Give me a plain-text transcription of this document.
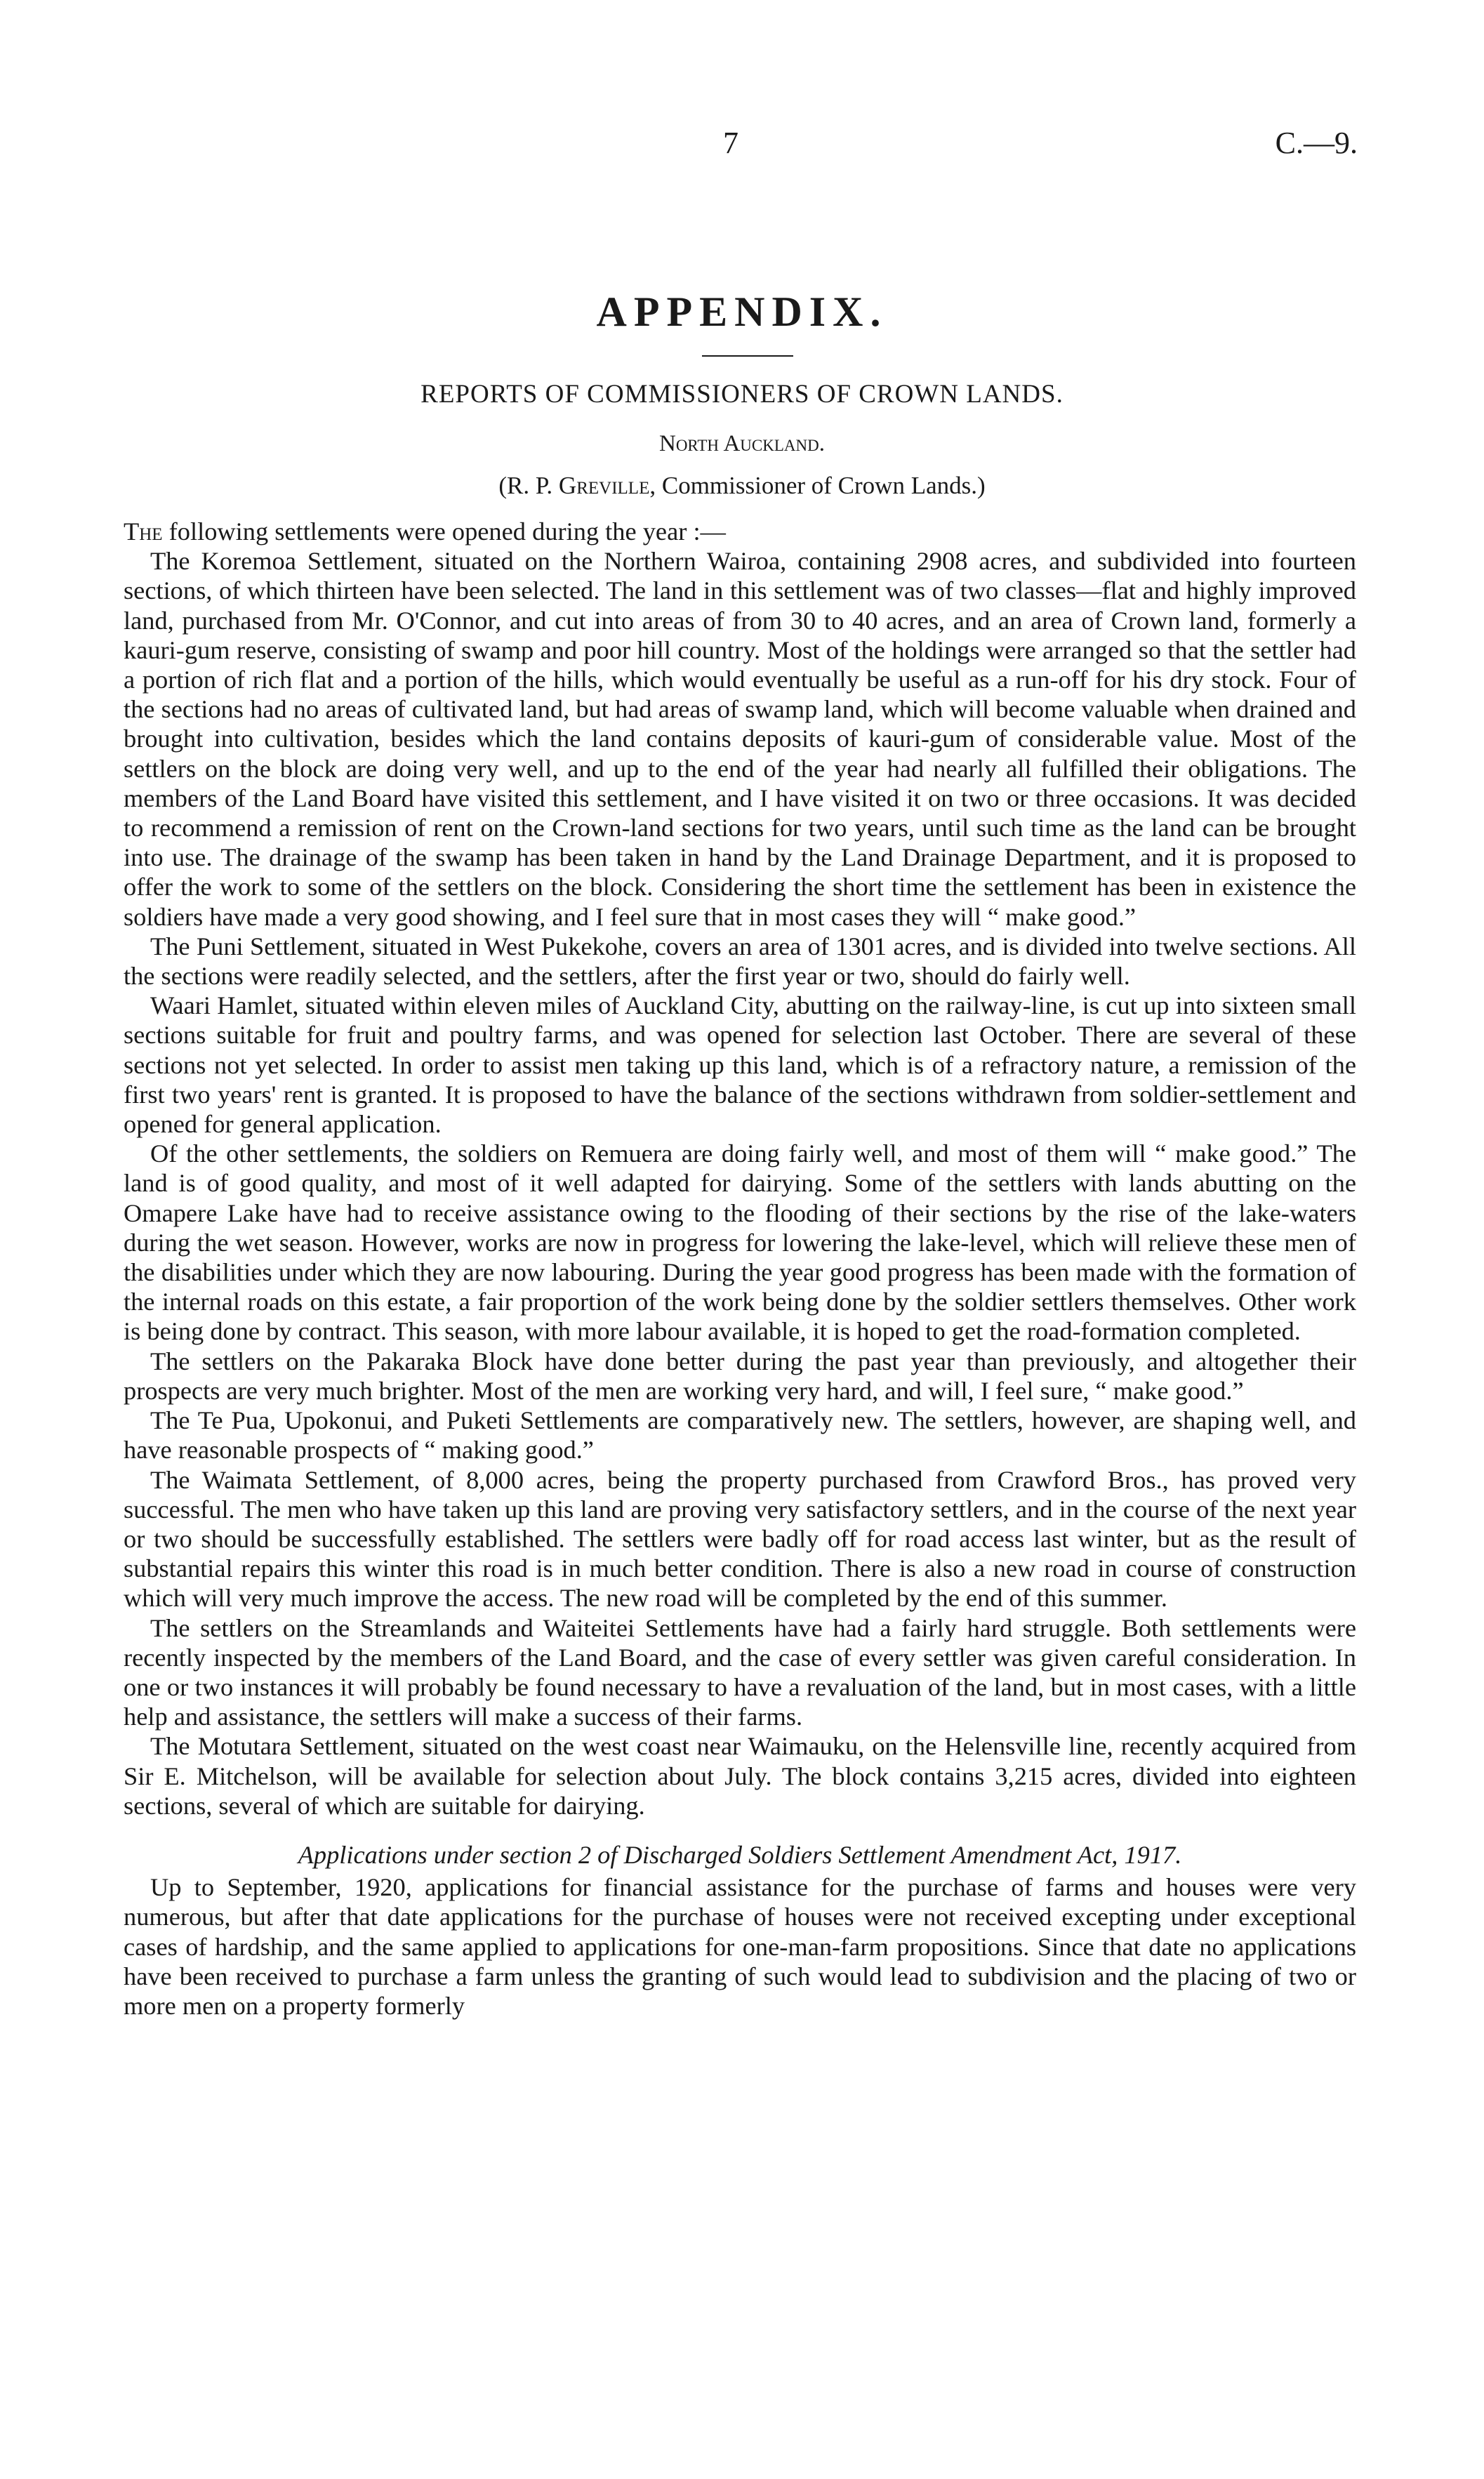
7	C.—9.
APPENDIX.
REPORTS OF COMMISSIONERS OF CROWN LANDS.
North Auckland.
(R. P. Greville, Commissioner of Crown Lands.)

The following settlements were opened during the year :—

The Koremoa Settlement, situated on the Northern Wairoa, containing 2908 acres, and subdivided into fourteen sections, of which thirteen have been selected. The land in this settlement was of two classes—flat and highly improved land, purchased from Mr. O'Connor, and cut into areas of from 30 to 40 acres, and an area of Crown land, formerly a kauri-gum reserve, consisting of swamp and poor hill country. Most of the holdings were arranged so that the settler had a portion of rich flat and a portion of the hills, which would eventually be useful as a run-off for his dry stock. Four of the sections had no areas of cultivated land, but had areas of swamp land, which will become valuable when drained and brought into cultivation, besides which the land contains deposits of kauri-gum of considerable value. Most of the settlers on the block are doing very well, and up to the end of the year had nearly all fulfilled their obligations. The members of the Land Board have visited this settlement, and I have visited it on two or three occasions. It was decided to recommend a remission of rent on the Crown-land sections for two years, until such time as the land can be brought into use. The drainage of the swamp has been taken in hand by the Land Drainage Department, and it is proposed to offer the work to some of the settlers on the block. Considering the short time the settlement has been in existence the soldiers have made a very good showing, and I feel sure that in most cases they will “ make good.”

The Puni Settlement, situated in West Pukekohe, covers an area of 1301 acres, and is divided into twelve sections. All the sections were readily selected, and the settlers, after the first year or two, should do fairly well.

Waari Hamlet, situated within eleven miles of Auckland City, abutting on the railway-line, is cut up into sixteen small sections suitable for fruit and poultry farms, and was opened for selection last October. There are several of these sections not yet selected. In order to assist men taking up this land, which is of a refractory nature, a remission of the first two years' rent is granted. It is proposed to have the balance of the sections withdrawn from soldier-settlement and opened for general application.

Of the other settlements, the soldiers on Remuera are doing fairly well, and most of them will “ make good.” The land is of good quality, and most of it well adapted for dairying. Some of the settlers with lands abutting on the Omapere Lake have had to receive assistance owing to the flooding of their sections by the rise of the lake-waters during the wet season. However, works are now in progress for lowering the lake-level, which will relieve these men of the disabilities under which they are now labouring. During the year good progress has been made with the formation of the internal roads on this estate, a fair proportion of the work being done by the soldier settlers themselves. Other work is being done by contract. This season, with more labour available, it is hoped to get the road-formation completed.

The settlers on the Pakaraka Block have done better during the past year than previously, and altogether their prospects are very much brighter. Most of the men are working very hard, and will, I feel sure, “ make good.”

The Te Pua, Upokonui, and Puketi Settlements are comparatively new. The settlers, however, are shaping well, and have reasonable prospects of “ making good.”

The Waimata Settlement, of 8,000 acres, being the property purchased from Crawford Bros., has proved very successful. The men who have taken up this land are proving very satisfactory settlers, and in the course of the next year or two should be successfully established. The settlers were badly off for road access last winter, but as the result of substantial repairs this winter this road is in much better condition. There is also a new road in course of construction which will very much improve the access. The new road will be completed by the end of this summer.

The settlers on the Streamlands and Waiteitei Settlements have had a fairly hard struggle. Both settlements were recently inspected by the members of the Land Board, and the case of every settler was given careful consideration. In one or two instances it will probably be found necessary to have a revaluation of the land, but in most cases, with a little help and assistance, the settlers will make a success of their farms.

The Motutara Settlement, situated on the west coast near Waimauku, on the Helensville line, recently acquired from Sir E. Mitchelson, will be available for selection about July. The block contains 3,215 acres, divided into eighteen sections, several of which are suitable for dairying.

Applications under section 2 of Discharged Soldiers Settlement Amendment Act, 1917.

Up to September, 1920, applications for financial assistance for the purchase of farms and houses were very numerous, but after that date applications for the purchase of houses were not received excepting under exceptional cases of hardship, and the same applied to applications for one-man-farm propositions. Since that date no applications have been received to purchase a farm unless the granting of such would lead to subdivision and the placing of two or more men on a property formerly
